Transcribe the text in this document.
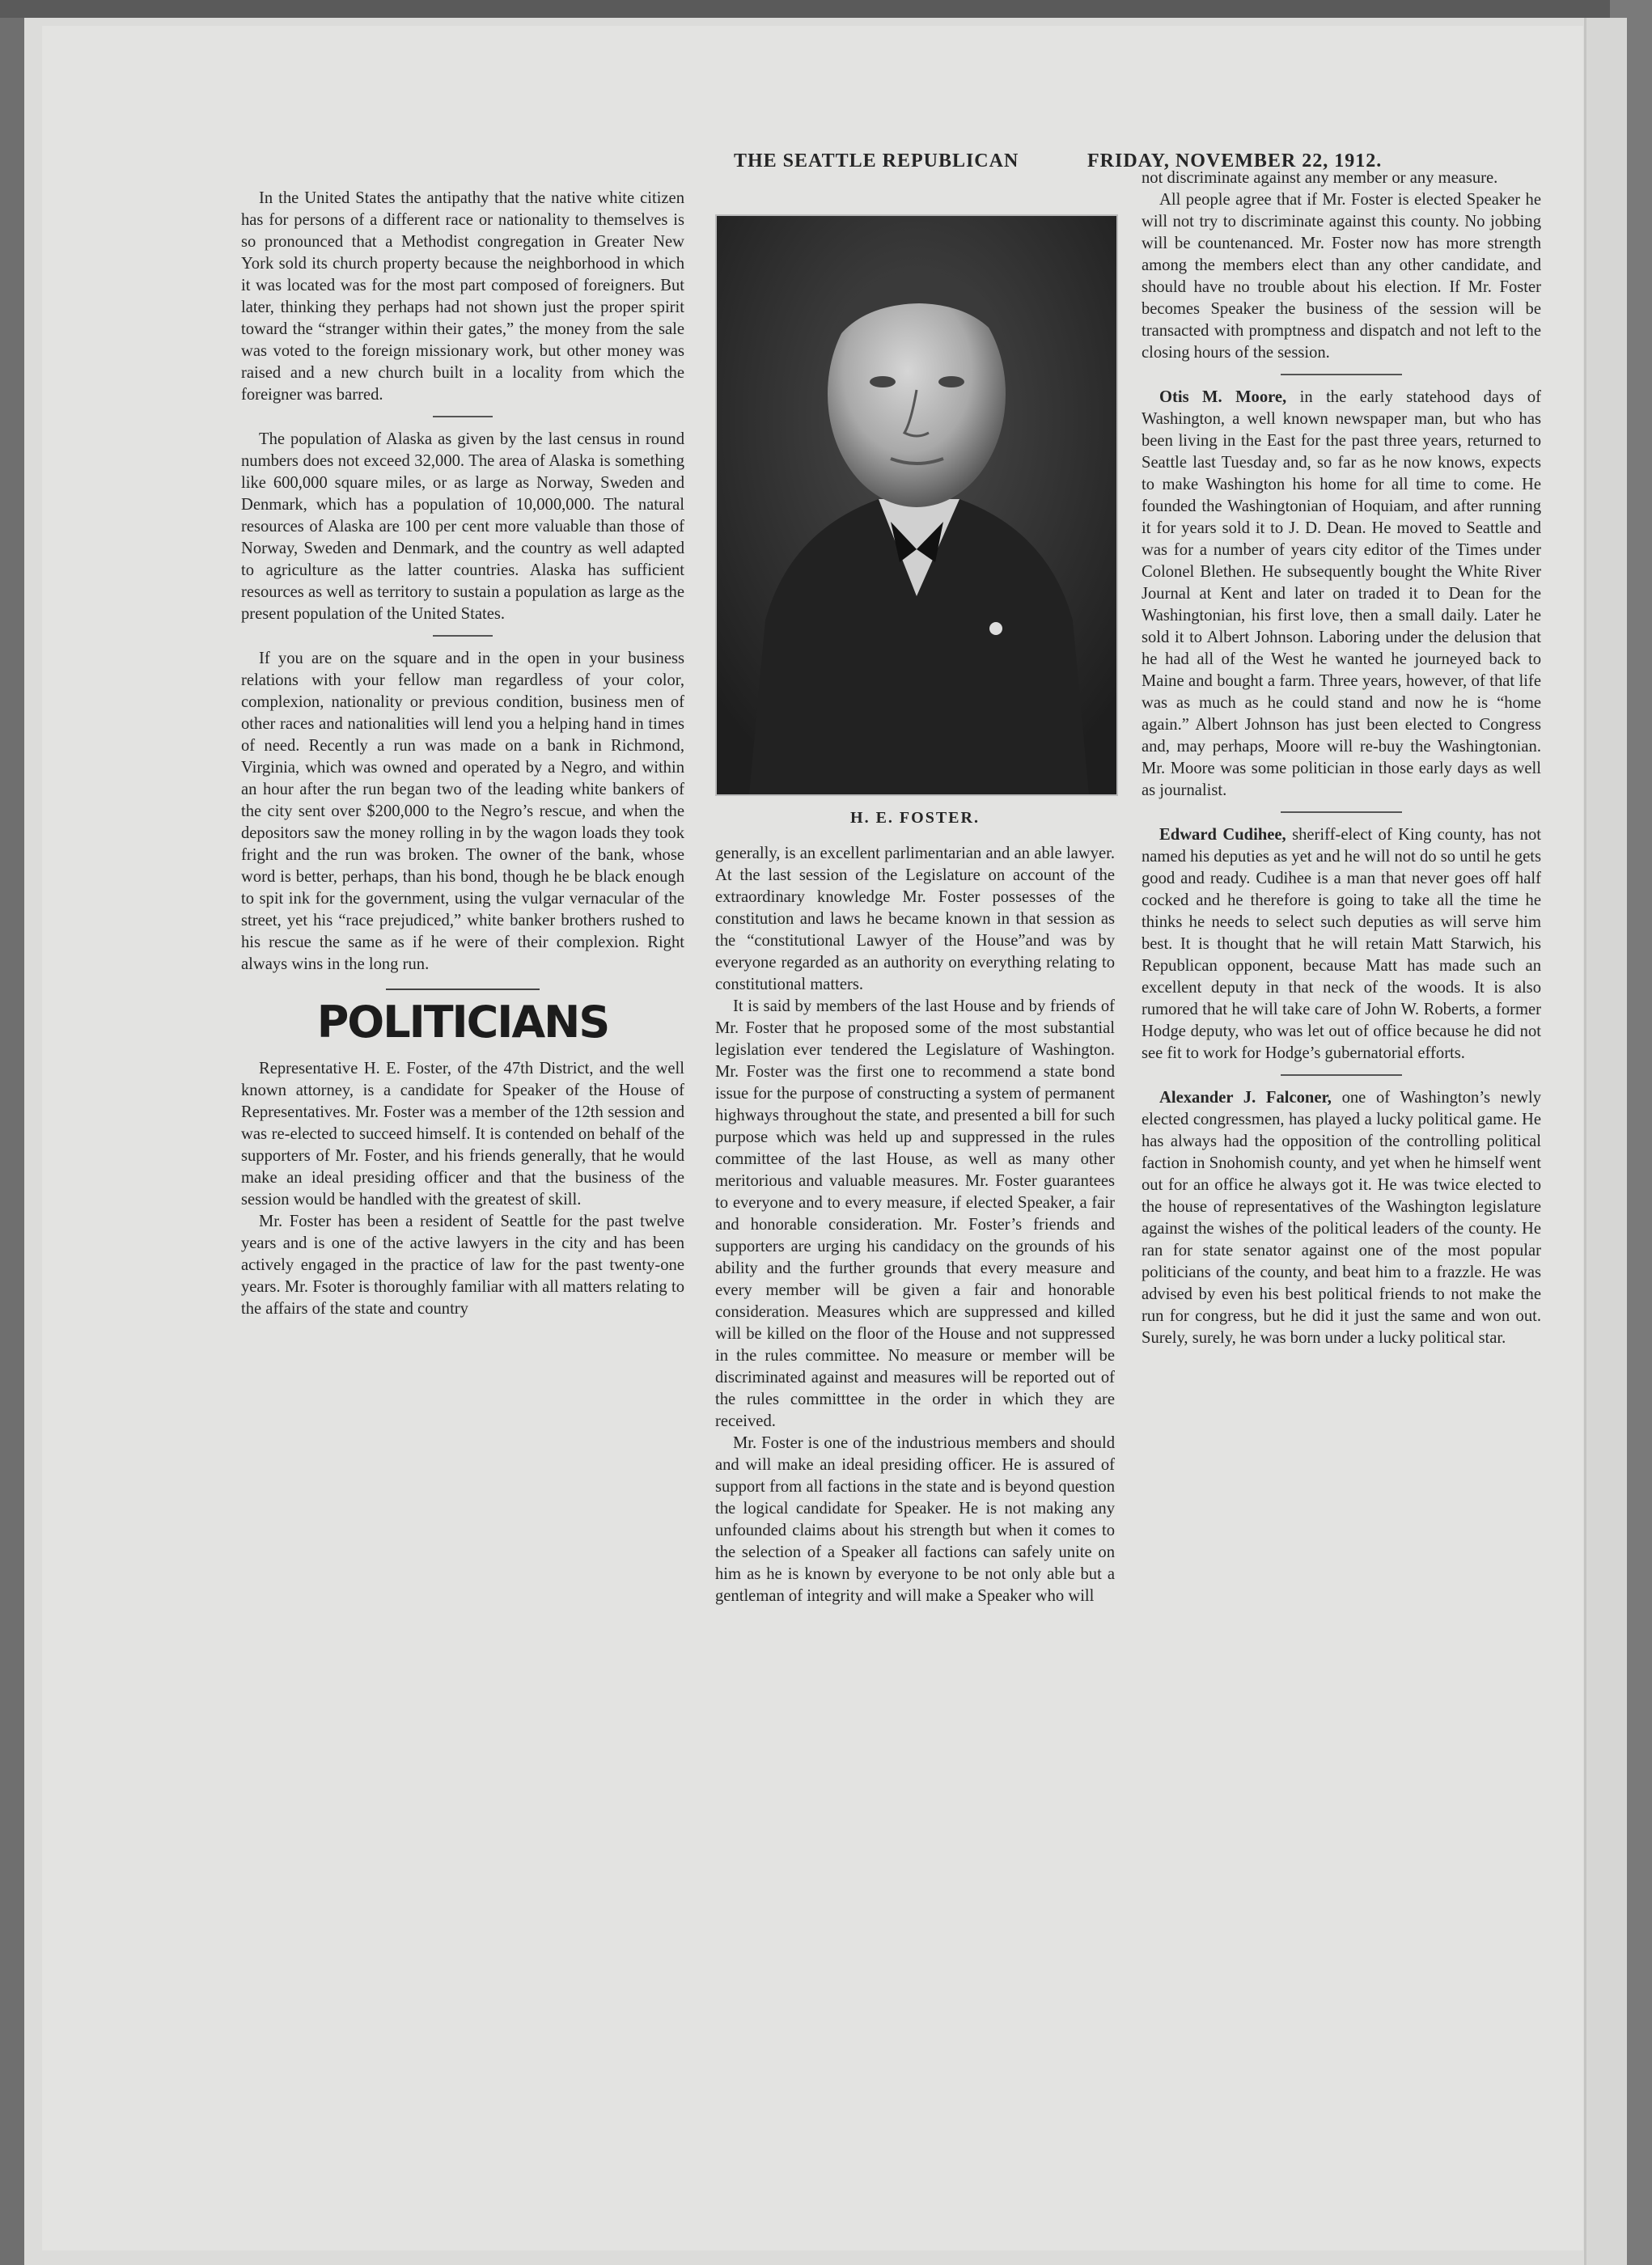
THE SEATTLE REPUBLICAN	FRIDAY, NOVEMBER 22, 1912.

In the United States the antipathy that the native white citizen has for persons of a different race or nationality to themselves is so pronounced that a Methodist congregation in Greater New York sold its church property because the neighborhood in which it was located was for the most part composed of foreigners. But later, thinking they perhaps had not shown just the proper spirit toward the “stranger within their gates,” the money from the sale was voted to the foreign missionary work, but other money was raised and a new church built in a locality from which the foreigner was barred.

The population of Alaska as given by the last census in round numbers does not exceed 32,000. The area of Alaska is something like 600,000 square miles, or as large as Norway, Sweden and Denmark, which has a population of 10,000,000. The natural resources of Alaska are 100 per cent more valuable than those of Norway, Sweden and Denmark, and the country as well adapted to agriculture as the latter countries. Alaska has sufficient resources as well as territory to sustain a population as large as the present population of the United States.

If you are on the square and in the open in your business relations with your fellow man regardless of your color, complexion, nationality or previous condition, business men of other races and nationalities will lend you a helping hand in times of need. Recently a run was made on a bank in Richmond, Virginia, which was owned and operated by a Negro, and within an hour after the run began two of the leading white bankers of the city sent over $200,000 to the Negro’s rescue, and when the depositors saw the money rolling in by the wagon loads they took fright and the run was broken. The owner of the bank, whose word is better, perhaps, than his bond, though he be black enough to spit ink for the government, using the vulgar vernacular of the street, yet his “race prejudiced,” white banker brothers rushed to his rescue the same as if he were of their complexion. Right always wins in the long run.

POLITICIANS

Representative H. E. Foster, of the 47th District, and the well known attorney, is a candidate for Speaker of the House of Representatives. Mr. Foster was a member of the 12th session and was re-elected to succeed himself. It is contended on behalf of the supporters of Mr. Foster, and his friends generally, that he would make an ideal presiding officer and that the business of the session would be handled with the greatest of skill.

Mr. Foster has been a resident of Seattle for the past twelve years and is one of the active lawyers in the city and has been actively engaged in the practice of law for the past twenty-one years. Mr. Fsoter is thoroughly familiar with all matters relating to the affairs of the state and country

H. E. FOSTER.

generally, is an excellent parlimentarian and an able lawyer. At the last session of the Legislature on account of the extraordinary knowledge Mr. Foster possesses of the constitution and laws he became known in that session as the “constitutional Lawyer of the House”and was by everyone regarded as an authority on everything relating to constitutional matters.

It is said by members of the last House and by friends of Mr. Foster that he proposed some of the most substantial legislation ever tendered the Legislature of Washington. Mr. Foster was the first one to recommend a state bond issue for the purpose of constructing a system of permanent highways throughout the state, and presented a bill for such purpose which was held up and suppressed in the rules committee of the last House, as well as many other meritorious and valuable measures. Mr. Foster guarantees to everyone and to every measure, if elected Speaker, a fair and honorable consideration. Mr. Foster’s friends and supporters are urging his candidacy on the grounds of his ability and the further grounds that every measure and every member will be given a fair and honorable consideration. Measures which are suppressed and killed will be killed on the floor of the House and not suppressed in the rules committee. No measure or member will be discriminated against and measures will be reported out of the rules committtee in the order in which they are received.

Mr. Foster is one of the industrious members and should and will make an ideal presiding officer. He is assured of support from all factions in the state and is beyond question the logical candidate for Speaker. He is not making any unfounded claims about his strength but when it comes to the selection of a Speaker all factions can safely unite on him as he is known by everyone to be not only able but a gentleman of integrity and will make a Speaker who will

not discriminate against any member or any measure.

All people agree that if Mr. Foster is elected Speaker he will not try to discriminate against this county. No jobbing will be countenanced. Mr. Foster now has more strength among the members elect than any other candidate, and should have no trouble about his election. If Mr. Foster becomes Speaker the business of the session will be transacted with promptness and dispatch and not left to the closing hours of the session.

Otis M. Moore, in the early statehood days of Washington, a well known newspaper man, but who has been living in the East for the past three years, returned to Seattle last Tuesday and, so far as he now knows, expects to make Washington his home for all time to come. He founded the Washingtonian of Hoquiam, and after running it for years sold it to J. D. Dean. He moved to Seattle and was for a number of years city editor of the Times under Colonel Blethen. He subsequently bought the White River Journal at Kent and later on traded it to Dean for the Washingtonian, his first love, then a small daily. Later he sold it to Albert Johnson. Laboring under the delusion that he had all of the West he wanted he journeyed back to Maine and bought a farm. Three years, however, of that life was as much as he could stand and now he is “home again.” Albert Johnson has just been elected to Congress and, may perhaps, Moore will re-buy the Washingtonian. Mr. Moore was some politician in those early days as well as journalist.

Edward Cudihee, sheriff-elect of King county, has not named his deputies as yet and he will not do so until he gets good and ready. Cudihee is a man that never goes off half cocked and he therefore is going to take all the time he thinks he needs to select such deputies as will serve him best. It is thought that he will retain Matt Starwich, his Republican opponent, because Matt has made such an excellent deputy in that neck of the woods. It is also rumored that he will take care of John W. Roberts, a former Hodge deputy, who was let out of office because he did not see fit to work for Hodge’s gubernatorial efforts.

Alexander J. Falconer, one of Washington’s newly elected congressmen, has played a lucky political game. He has always had the opposition of the controlling political faction in Snohomish county, and yet when he himself went out for an office he always got it. He was twice elected to the house of representatives of the Washington legislature against the wishes of the political leaders of the county. He ran for state senator against one of the most popular politicians of the county, and beat him to a frazzle. He was advised by even his best political friends to not make the run for congress, but he did it just the same and won out. Surely, surely, he was born under a lucky political star.
